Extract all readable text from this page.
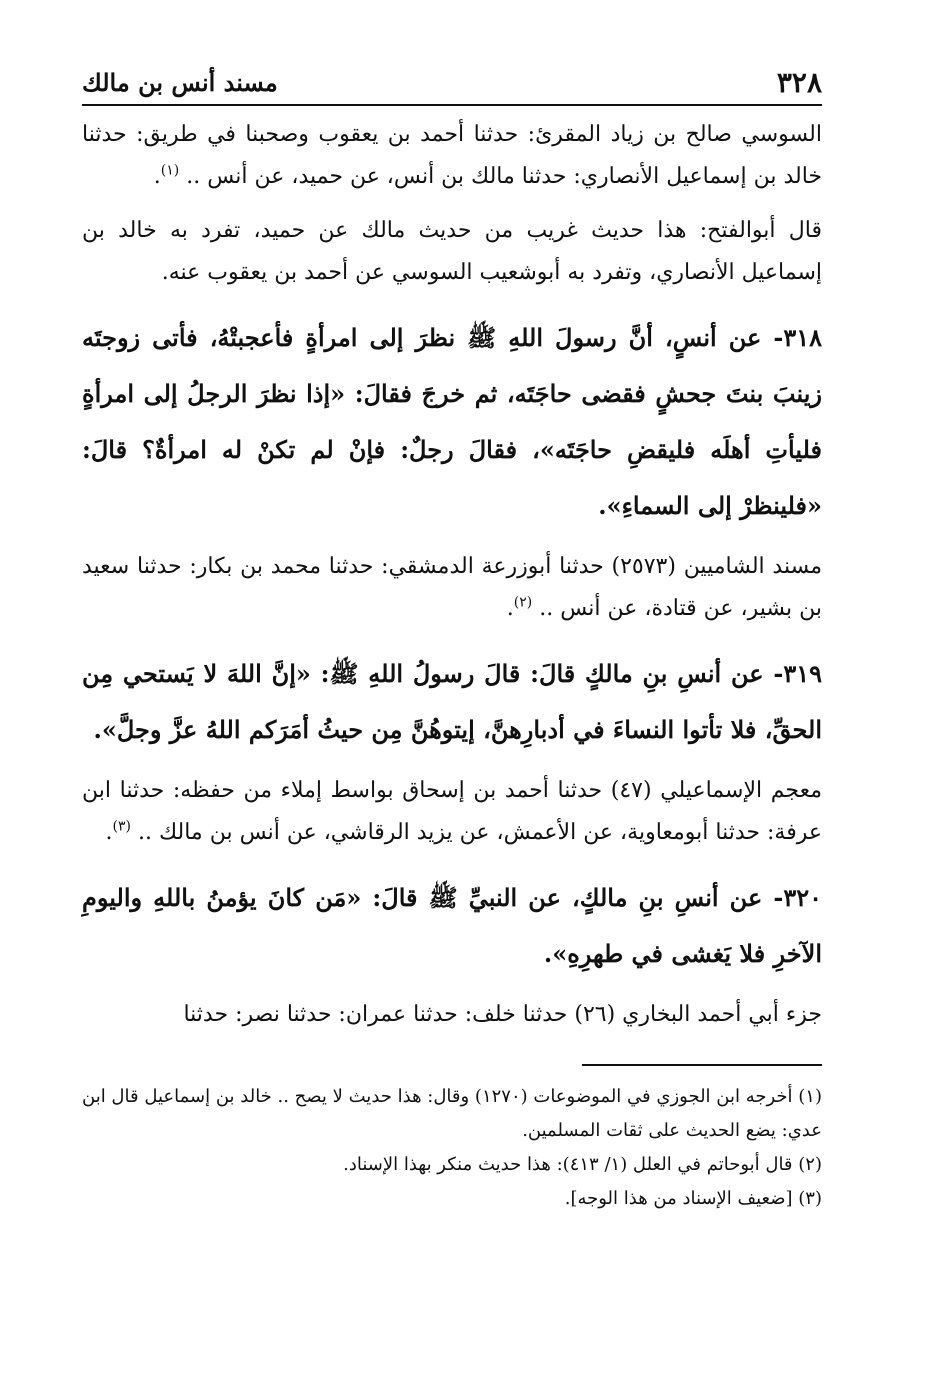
٣٢٨
مسند أنس بن مالك

السوسي صالح بن زياد المقرئ: حدثنا أحمد بن يعقوب وصحبنا في طريق: حدثنا خالد بن إسماعيل الأنصاري: حدثنا مالك بن أنس، عن حميد، عن أنس .. $^{(١)}$.

قال أبوالفتح: هذا حديث غريب من حديث مالك عن حميد، تفرد به خالد بن إسماعيل الأنصاري، وتفرد به أبوشعيب السوسي عن أحمد بن يعقوب عنه.

٣١٨- عن أنسٍ، أنَّ رسولَ اللهِ ﷺ نظرَ إلى امرأةٍ فأعجبتْهُ، فأتى زوجتَه زينبَ بنتَ جحشٍ فقضى حاجَتَه، ثم خرجَ فقالَ: «إذا نظرَ الرجلُ إلى امرأةٍ فليأتِ أهلَه فليقضِ حاجَتَه»، فقالَ رجلٌ: فإنْ لم تكنْ له امرأةٌ؟ قالَ: «فلينظرْ إلى السماءِ».

مسند الشاميين (٢٥٧٣) حدثنا أبوزرعة الدمشقي: حدثنا محمد بن بكار: حدثنا سعيد بن بشير، عن قتادة، عن أنس .. $^{(٢)}$.

٣١٩- عن أنسِ بنِ مالكٍ قالَ: قالَ رسولُ اللهِ ﷺ: «إنَّ اللهَ لا يَستحي مِن الحقِّ، فلا تأتوا النساءَ في أدبارِهنَّ، إيتوهُنَّ مِن حيثُ أمَرَكم اللهُ عزَّ وجلَّ».

معجم الإسماعيلي (٤٧) حدثنا أحمد بن إسحاق بواسط إملاء من حفظه: حدثنا ابن عرفة: حدثنا أبومعاوية، عن الأعمش، عن يزيد الرقاشي، عن أنس بن مالك .. $^{(٣)}$.

٣٢٠- عن أنسِ بنِ مالكٍ، عن النبيِّ ﷺ قالَ: «مَن كانَ يؤمنُ باللهِ واليومِ الآخرِ فلا يَغشى في طهرِهِ».

جزء أبي أحمد البخاري (٢٦) حدثنا خلف: حدثنا عمران: حدثنا نصر: حدثنا

(١) أخرجه ابن الجوزي في الموضوعات (١٢٧٠) وقال: هذا حديث لا يصح .. خالد بن إسماعيل قال ابن عدي: يضع الحديث على ثقات المسلمين.

(٢) قال أبوحاتم في العلل (١/ ٤١٣): هذا حديث منكر بهذا الإسناد.

(٣) [ضعيف الإسناد من هذا الوجه].
